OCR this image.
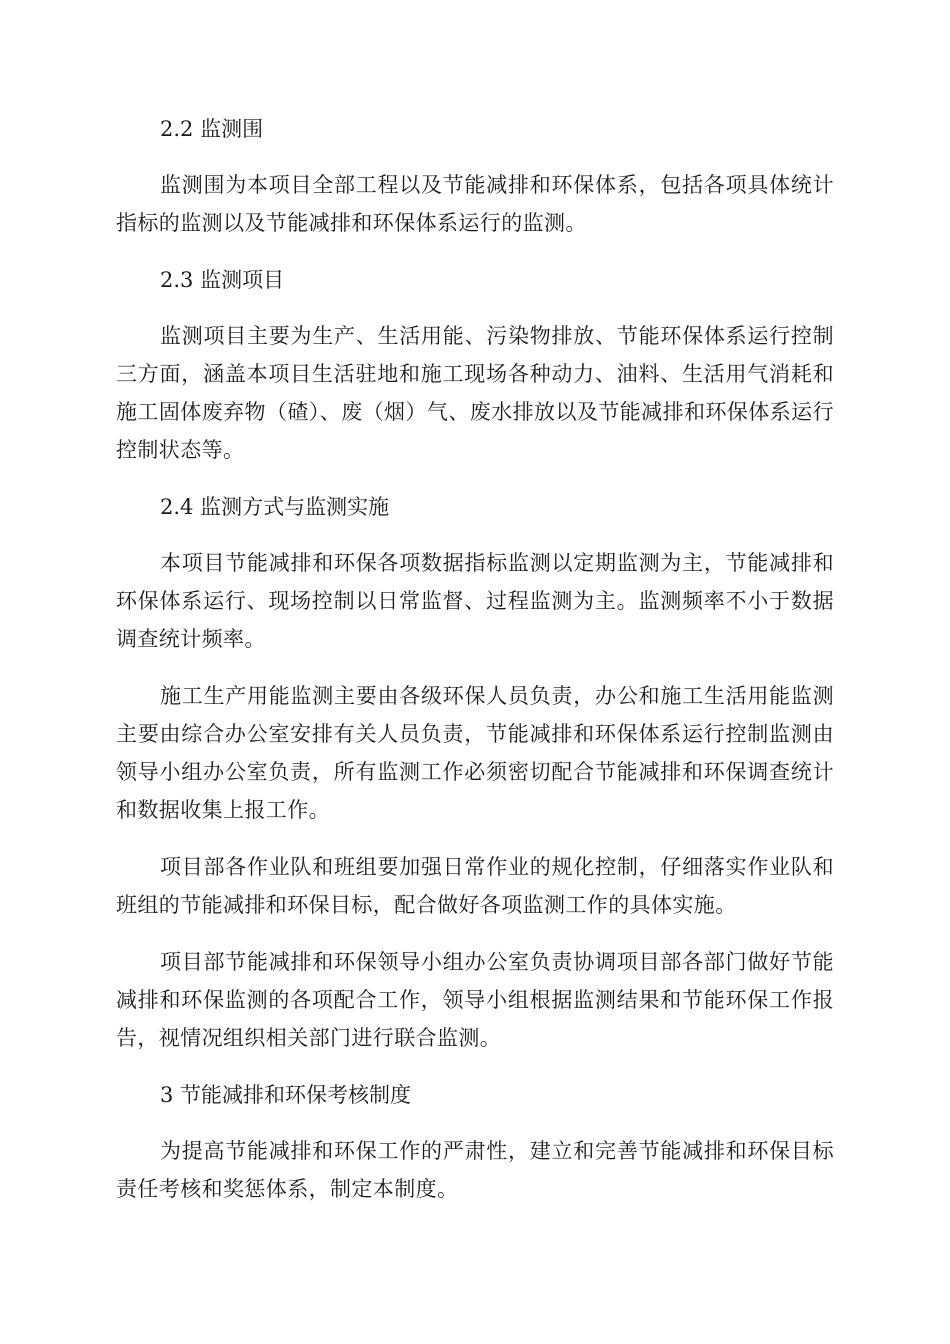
2.2 监测围

监测围为本项目全部工程以及节能减排和环保体系，包括各项具体统计指标的监测以及节能减排和环保体系运行的监测。

2.3 监测项目

监测项目主要为生产、生活用能、污染物排放、节能环保体系运行控制三方面，涵盖本项目生活驻地和施工现场各种动力、油料、生活用气消耗和施工固体废弃物（碴）、废（烟）气、废水排放以及节能减排和环保体系运行控制状态等。

2.4 监测方式与监测实施

本项目节能减排和环保各项数据指标监测以定期监测为主，节能减排和环保体系运行、现场控制以日常监督、过程监测为主。监测频率不小于数据调查统计频率。

施工生产用能监测主要由各级环保人员负责，办公和施工生活用能监测主要由综合办公室安排有关人员负责，节能减排和环保体系运行控制监测由领导小组办公室负责，所有监测工作必须密切配合节能减排和环保调查统计和数据收集上报工作。

项目部各作业队和班组要加强日常作业的规化控制，仔细落实作业队和班组的节能减排和环保目标，配合做好各项监测工作的具体实施。

项目部节能减排和环保领导小组办公室负责协调项目部各部门做好节能减排和环保监测的各项配合工作，领导小组根据监测结果和节能环保工作报告，视情况组织相关部门进行联合监测。

3 节能减排和环保考核制度

为提高节能减排和环保工作的严肃性，建立和完善节能减排和环保目标责任考核和奖惩体系，制定本制度。
